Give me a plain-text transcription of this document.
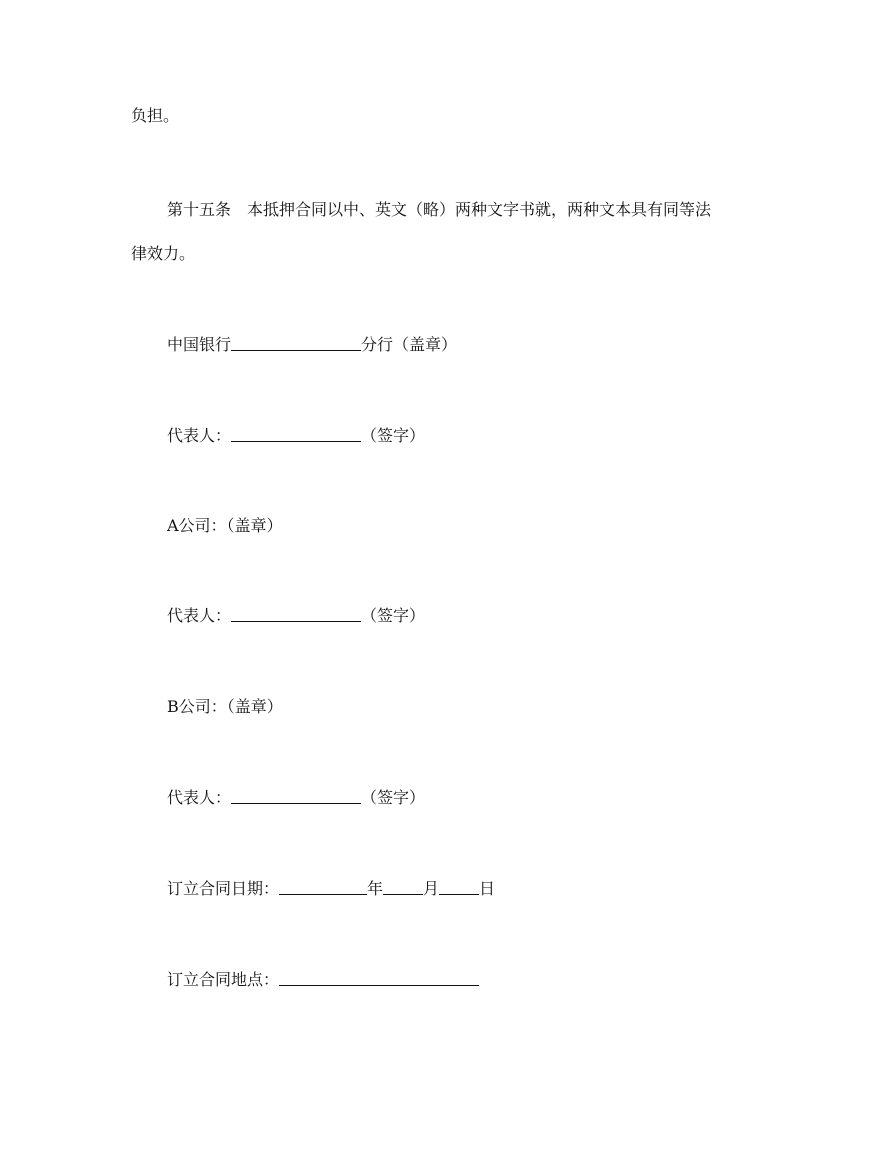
负担。
第十五条 本抵押合同以中、英文（略）两种文字书就，两种文本具有同等法
律效力。
中国银行	分行（盖章）
代表人：	（签字）
A公司：（盖章）
代表人：	（签字）
B公司：（盖章）
代表人：	（签字）
订立合同日期：	年	月	日
订立合同地点：
